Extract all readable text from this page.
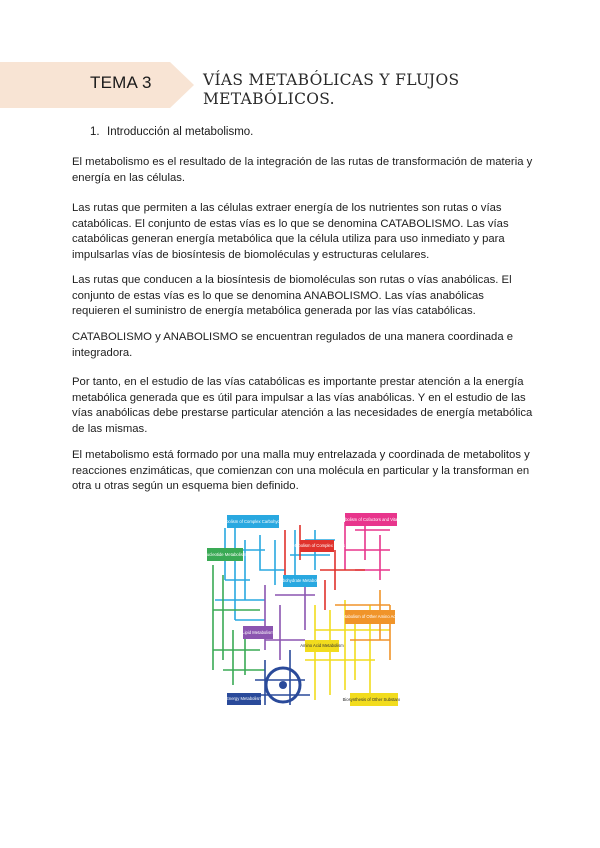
TEMA 3	VÍAS METABÓLICAS Y FLUJOS METABÓLICOS.
1. Introducción al metabolismo.
El metabolismo es el resultado de la integración de las rutas de transformación de materia y energía en las células.
Las rutas que permiten a las células extraer energía de los nutrientes son rutas o vías catabólicas. El conjunto de estas vías es lo que se denomina CATABOLISMO. Las vías catabólicas generan energía metabólica que la célula utiliza para uso inmediato y para impulsarlas vías de biosíntesis de biomoléculas y estructuras celulares.
Las rutas que conducen a la biosíntesis de biomoléculas son rutas o vías anabólicas. El conjunto de estas vías es lo que se denomina ANABOLISMO. Las vías anabólicas requieren el suministro de energía metabólica generada por las vías catabólicas.
CATABOLISMO y ANABOLISMO se encuentran regulados de una manera coordinada e integradora.
Por tanto, en el estudio de las vías catabólicas es importante prestar atención a la energía metabólica generada que es útil para impulsar a las vías anabólicas. Y en el estudio de las vías anabólicas debe prestarse particular atención a las necesidades de energía metabólica de las mismas.
El metabolismo está formado por una malla muy entrelazada y coordinada de metabolitos y reacciones enzimáticas, que comienzan con una molécula en particular y la transforman en otra u otras según un esquema bien definido.
Metabolism of Complex Carbohydrates	Metabolism of Cofactors and Vitamins
Metabolism of Complex Lipids
Nucleotide Metabolism
Carbohydrate Metabolism
Lipid Metabolism
Metabolism of Other Amino Acids
Amino Acid Metabolism
Energy Metabolism	Biosynthesis of Other Substances
